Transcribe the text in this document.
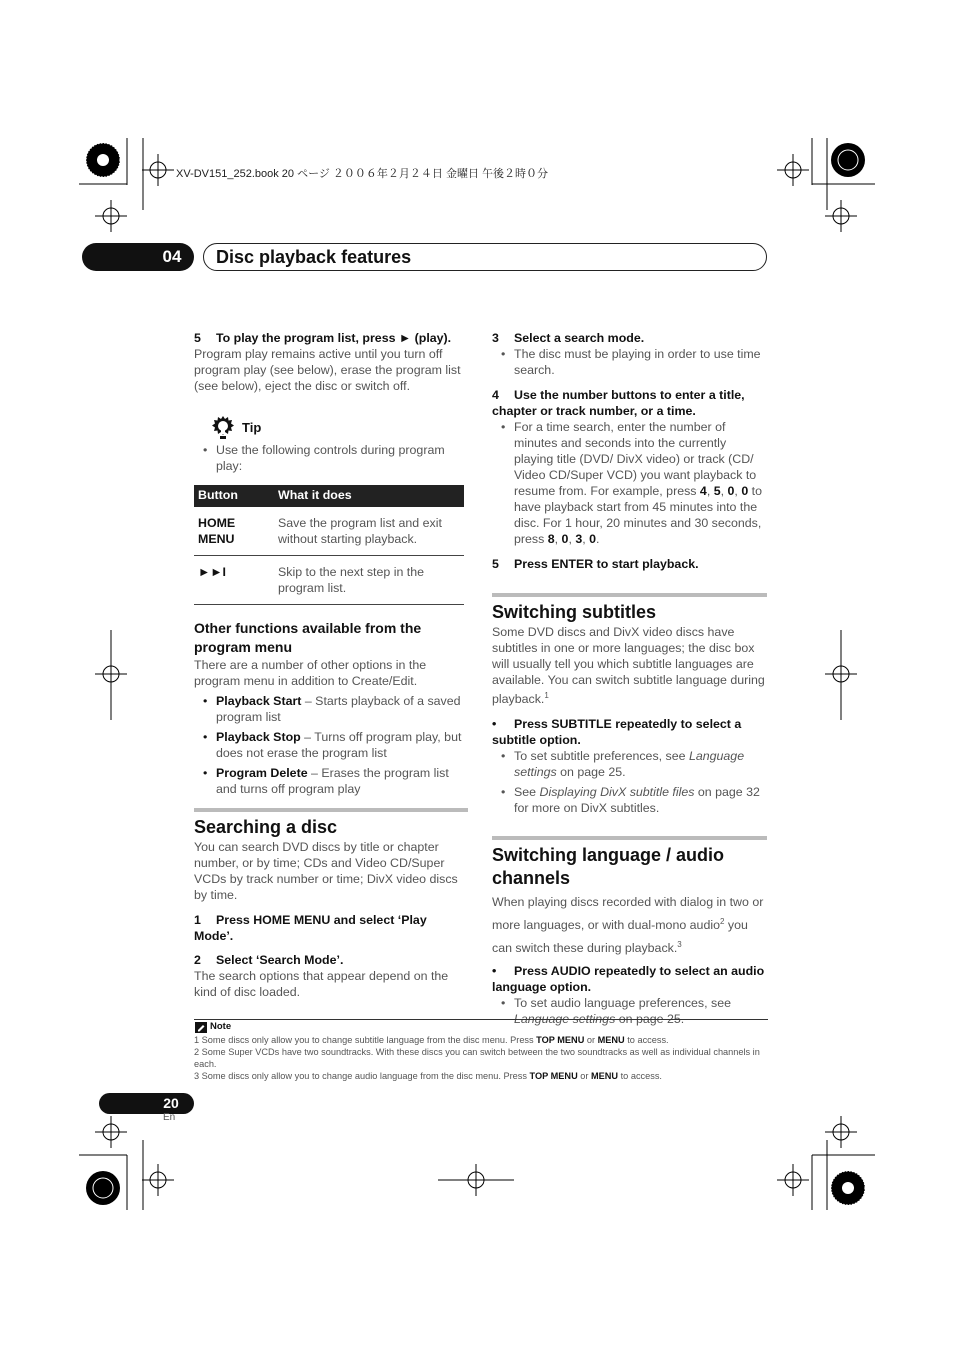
XV-DV151_252.book 20 ページ ２００６年２月２４日 金曜日 午後２時０分
04	Disc playback features

5 To play the program list, press ► (play).

Program play remains active until you turn off program play (see below), erase the program list (see below), eject the disc or switch off.

Tip
• Use the following controls during program play:
Button	What it does
HOME MENU	Save the program list and exit without starting playback.
►►I	Skip to the next step in the program list.

Other functions available from the program menu

There are a number of other options in the program menu in addition to Create/Edit.

• Playback Start – Starts playback of a saved program list
• Playback Stop – Turns off program play, but does not erase the program list
• Program Delete – Erases the program list and turns off program play

Searching a disc

You can search DVD discs by title or chapter number, or by time; CDs and Video CD/Super VCDs by track number or time; DivX video discs by time.

1 Press HOME MENU and select ‘Play Mode’.

2 Select ‘Search Mode’.

The search options that appear depend on the kind of disc loaded.

3 Select a search mode.

• The disc must be playing in order to use time search.

4 Use the number buttons to enter a title, chapter or track number, or a time.

• For a time search, enter the number of minutes and seconds into the currently playing title (DVD/ DivX video) or track (CD/ Video CD/Super VCD) you want playback to resume from. For example, press 4, 5, 0, 0 to have playback start from 45 minutes into the disc. For 1 hour, 20 minutes and 30 seconds, press 8, 0, 3, 0.

5 Press ENTER to start playback.

Switching subtitles

Some DVD discs and DivX video discs have subtitles in one or more languages; the disc box will usually tell you which subtitle languages are available. You can switch subtitle language during playback.$^1$

• Press SUBTITLE repeatedly to select a subtitle option.

• To set subtitle preferences, see Language settings on page 25.
• See Displaying DivX subtitle files on page 32 for more on DivX subtitles.

Switching language / audio channels

When playing discs recorded with dialog in two or more languages, or with dual-mono audio$^2$ you can switch these during playback.$^3$

• Press AUDIO repeatedly to select an audio language option.

• To set audio language preferences, see Language settings on page 25.
Note
1 Some discs only allow you to change subtitle language from the disc menu. Press TOP MENU or MENU to access.
2 Some Super VCDs have two soundtracks. With these discs you can switch between the two soundtracks as well as individual channels in each.
3 Some discs only allow you to change audio language from the disc menu. Press TOP MENU or MENU to access.
20
En
